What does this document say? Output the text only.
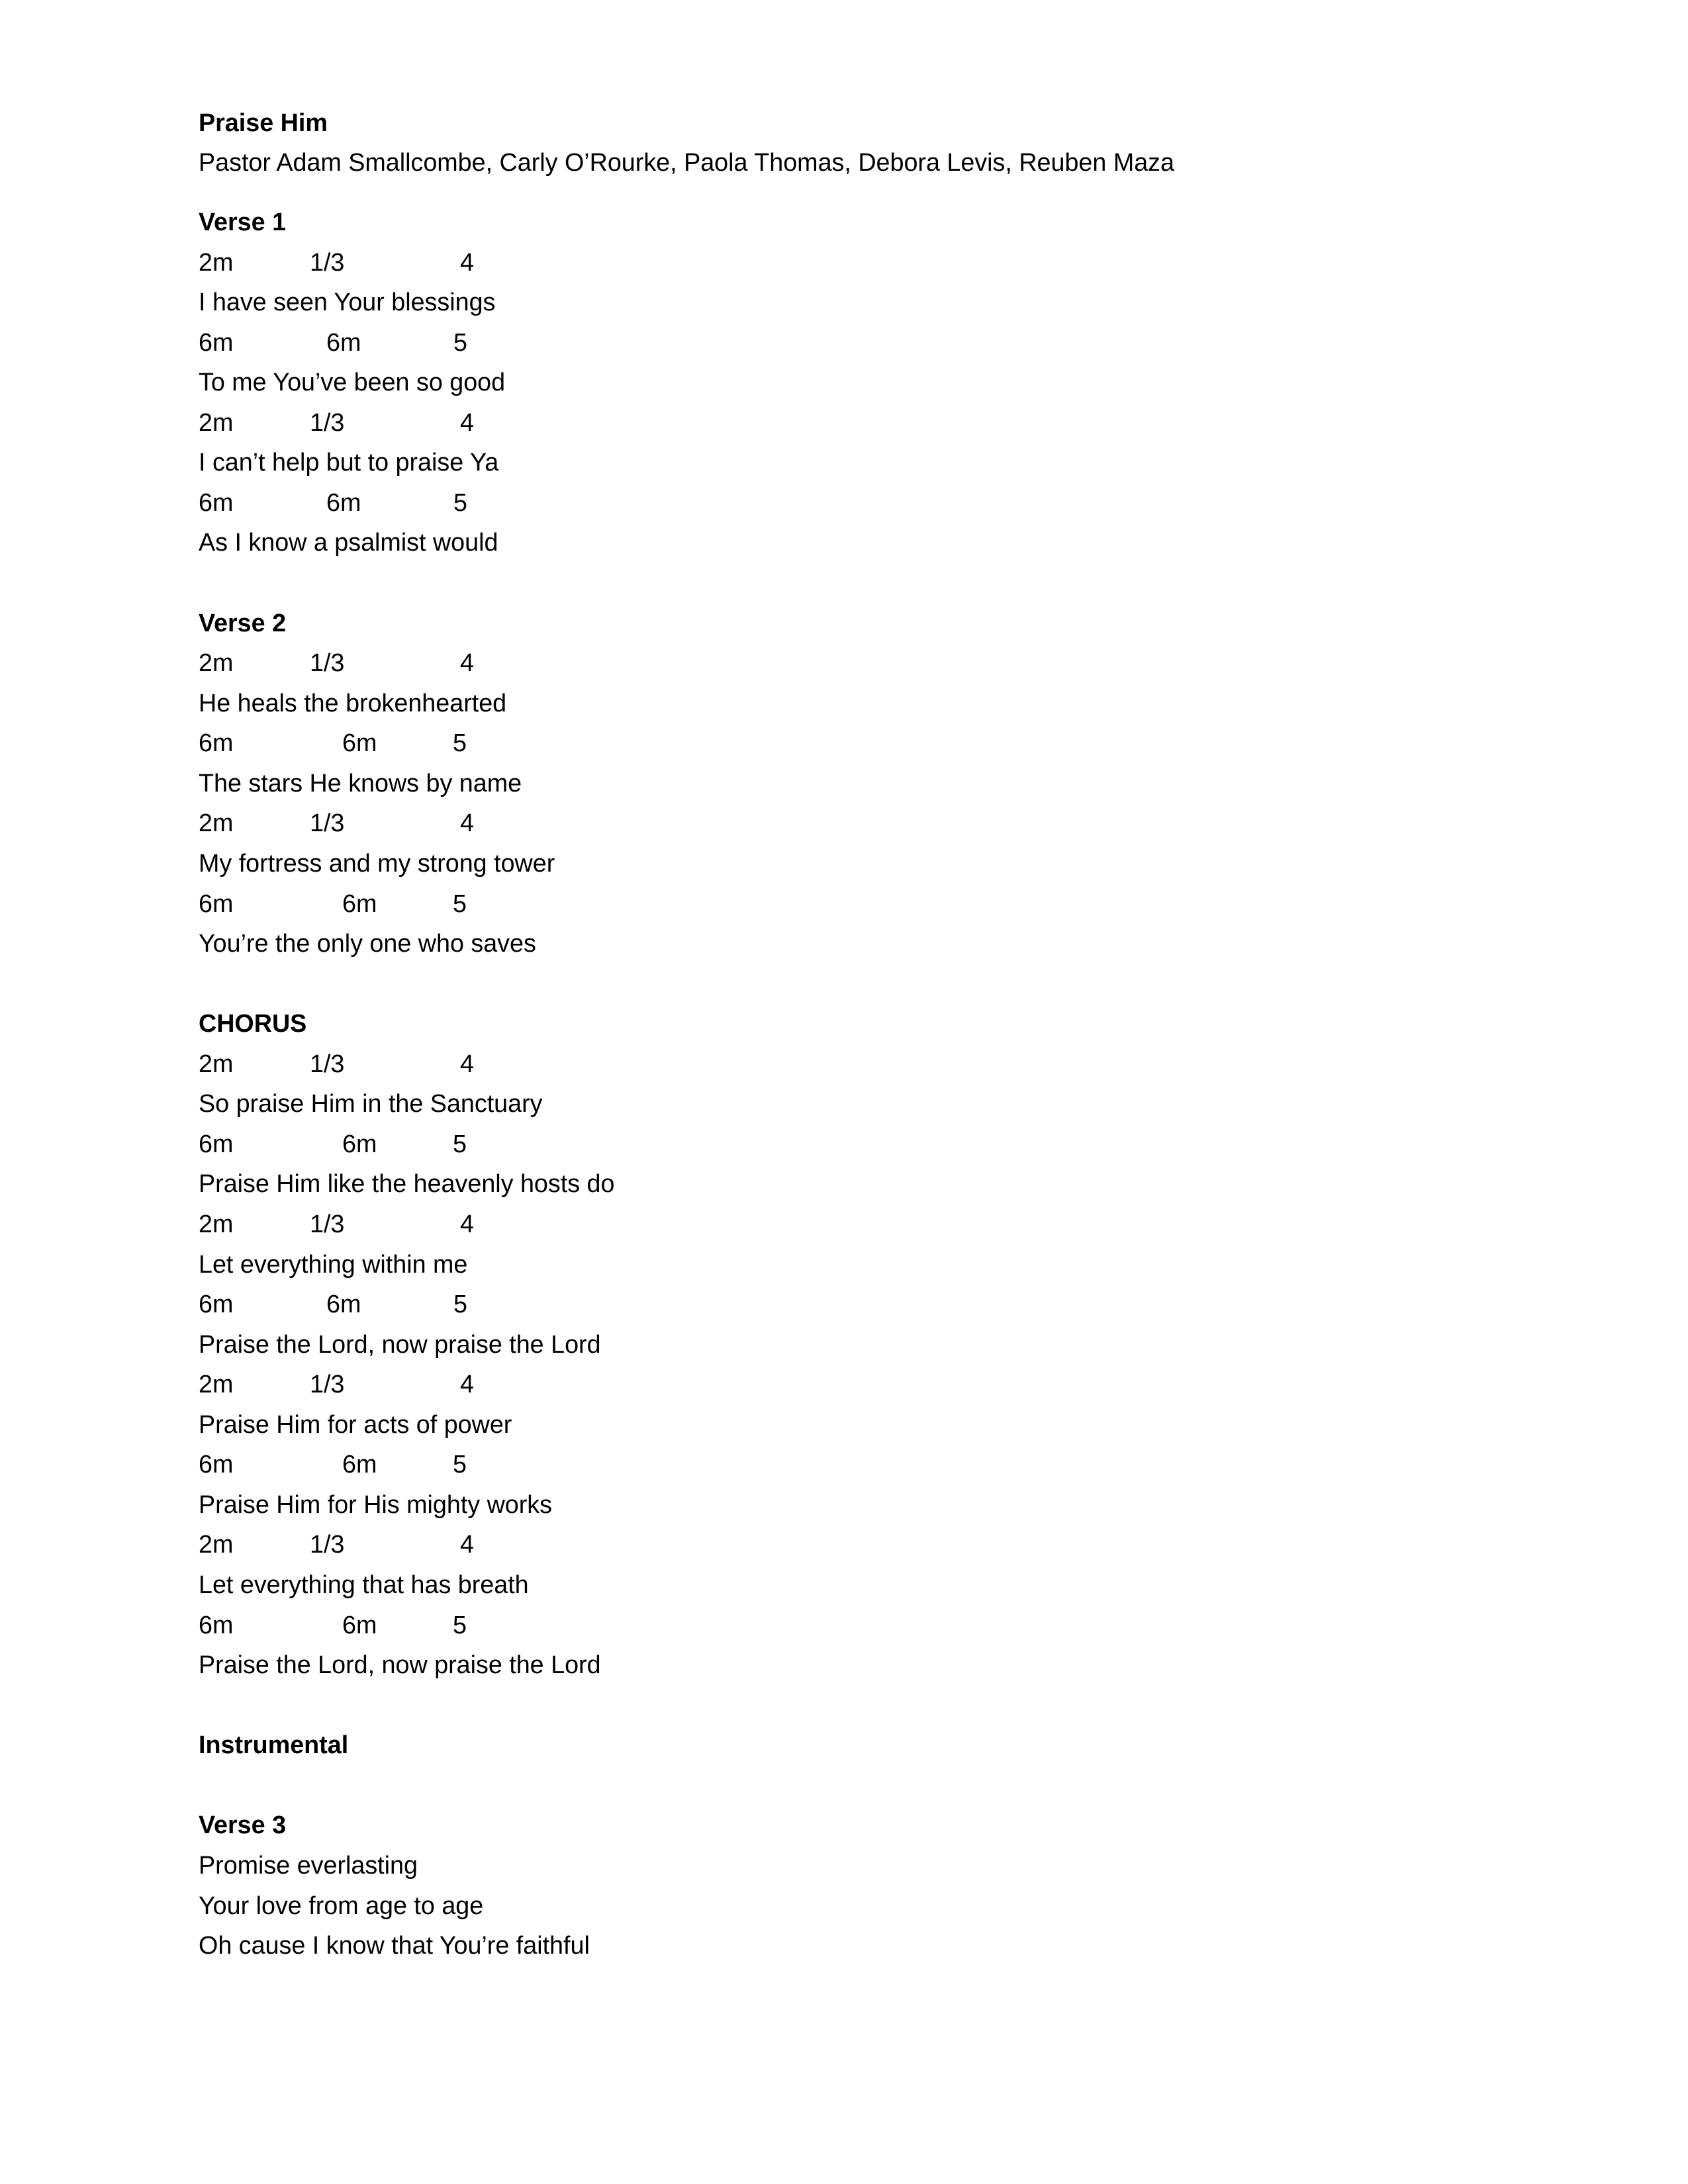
Praise Him
Pastor Adam Smallcombe, Carly O’Rourke, Paola Thomas, Debora Levis, Reuben Maza
Verse 1
2m	1/3	4
I have seen Your blessings
6m	6m	5
To me You’ve been so good
2m	1/3	4
I can’t help but to praise Ya
6m	6m	5
As I know a psalmist would
Verse 2
2m	1/3	4
He heals the brokenhearted
6m	6m	5
The stars He knows by name
2m	1/3	4
My fortress and my strong tower
6m	6m	5
You’re the only one who saves
CHORUS
2m	1/3	4
So praise Him in the Sanctuary
6m	6m	5
Praise Him like the heavenly hosts do
2m	1/3	4
Let everything within me
6m	6m	5
Praise the Lord, now praise the Lord
2m	1/3	4
Praise Him for acts of power
6m	6m	5
Praise Him for His mighty works
2m	1/3	4
Let everything that has breath
6m	6m	5
Praise the Lord, now praise the Lord
Instrumental
Verse 3
Promise everlasting
Your love from age to age
Oh cause I know that You’re faithful
